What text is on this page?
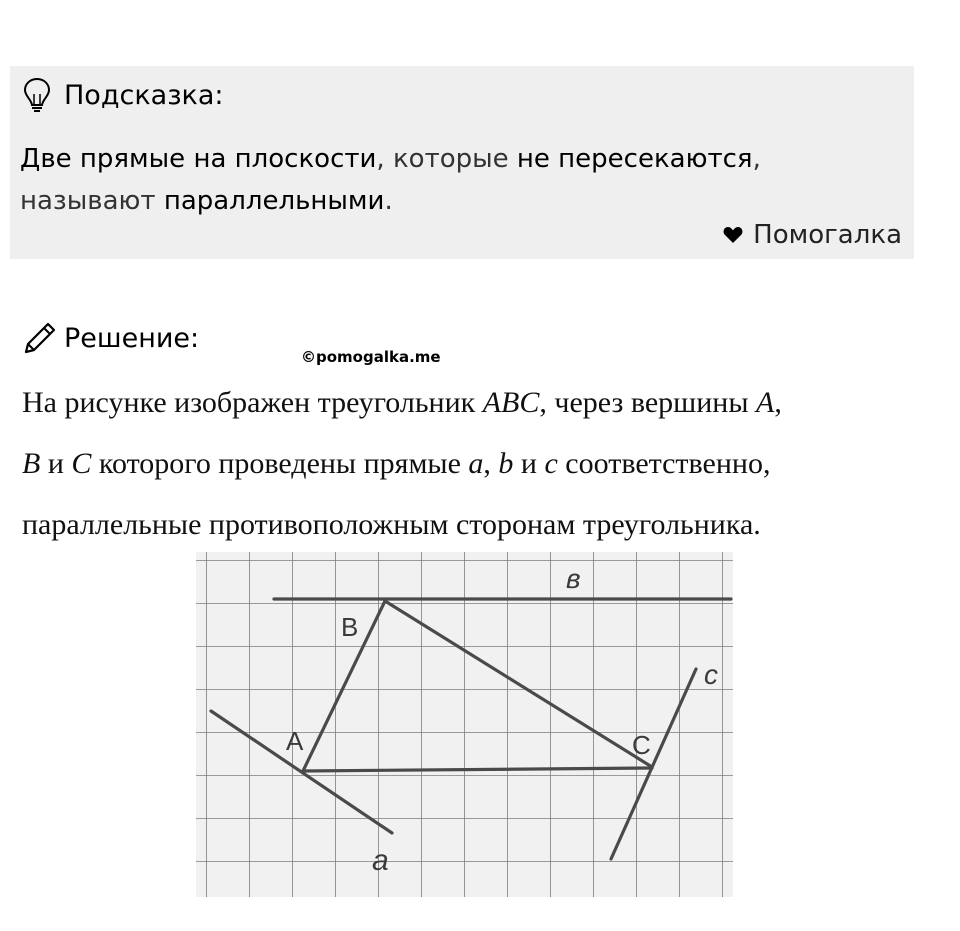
Подсказка:
Две прямые на плоскости, которые не пересекаются,
называют параллельными.
Помогалка
Решение:
©pomogalka.me
На рисунке изображен треугольник ABC, через вершины A,
B и C которого проведены прямые a, b и c соответственно,
параллельные противоположным сторонам треугольника.
B
A	C
a
в
c
